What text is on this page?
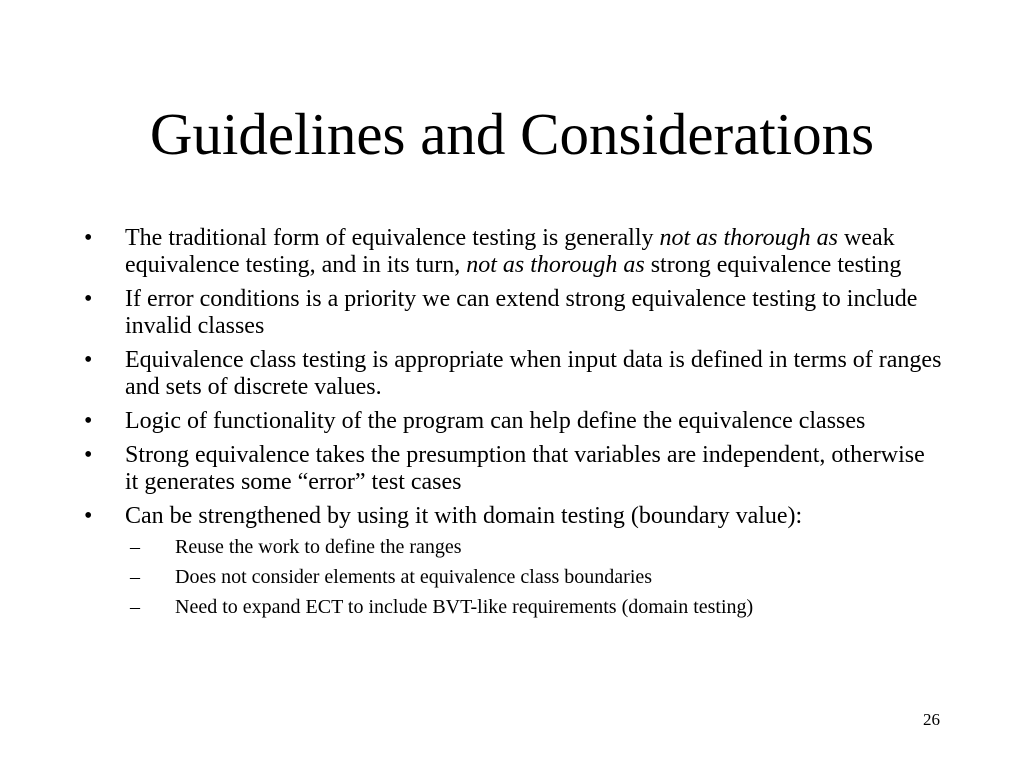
Guidelines and Considerations
•	The traditional form of equivalence testing is generally not as thorough as weak equivalence testing, and in its turn, not as thorough as strong equivalence testing
•	If error conditions is a priority we can extend strong equivalence testing to include invalid classes
•	Equivalence class testing is appropriate when input data is defined in terms of ranges and sets of discrete values.
•	Logic of functionality of the program can help define the equivalence classes
•	Strong equivalence takes the presumption that variables are independent, otherwise it generates some “error” test cases
•	Can be strengthened by using it with domain testing (boundary value):
– Reuse the work to define the ranges
– Does not consider elements at equivalence class boundaries
– Need to expand ECT to include BVT-like requirements (domain testing)
26
